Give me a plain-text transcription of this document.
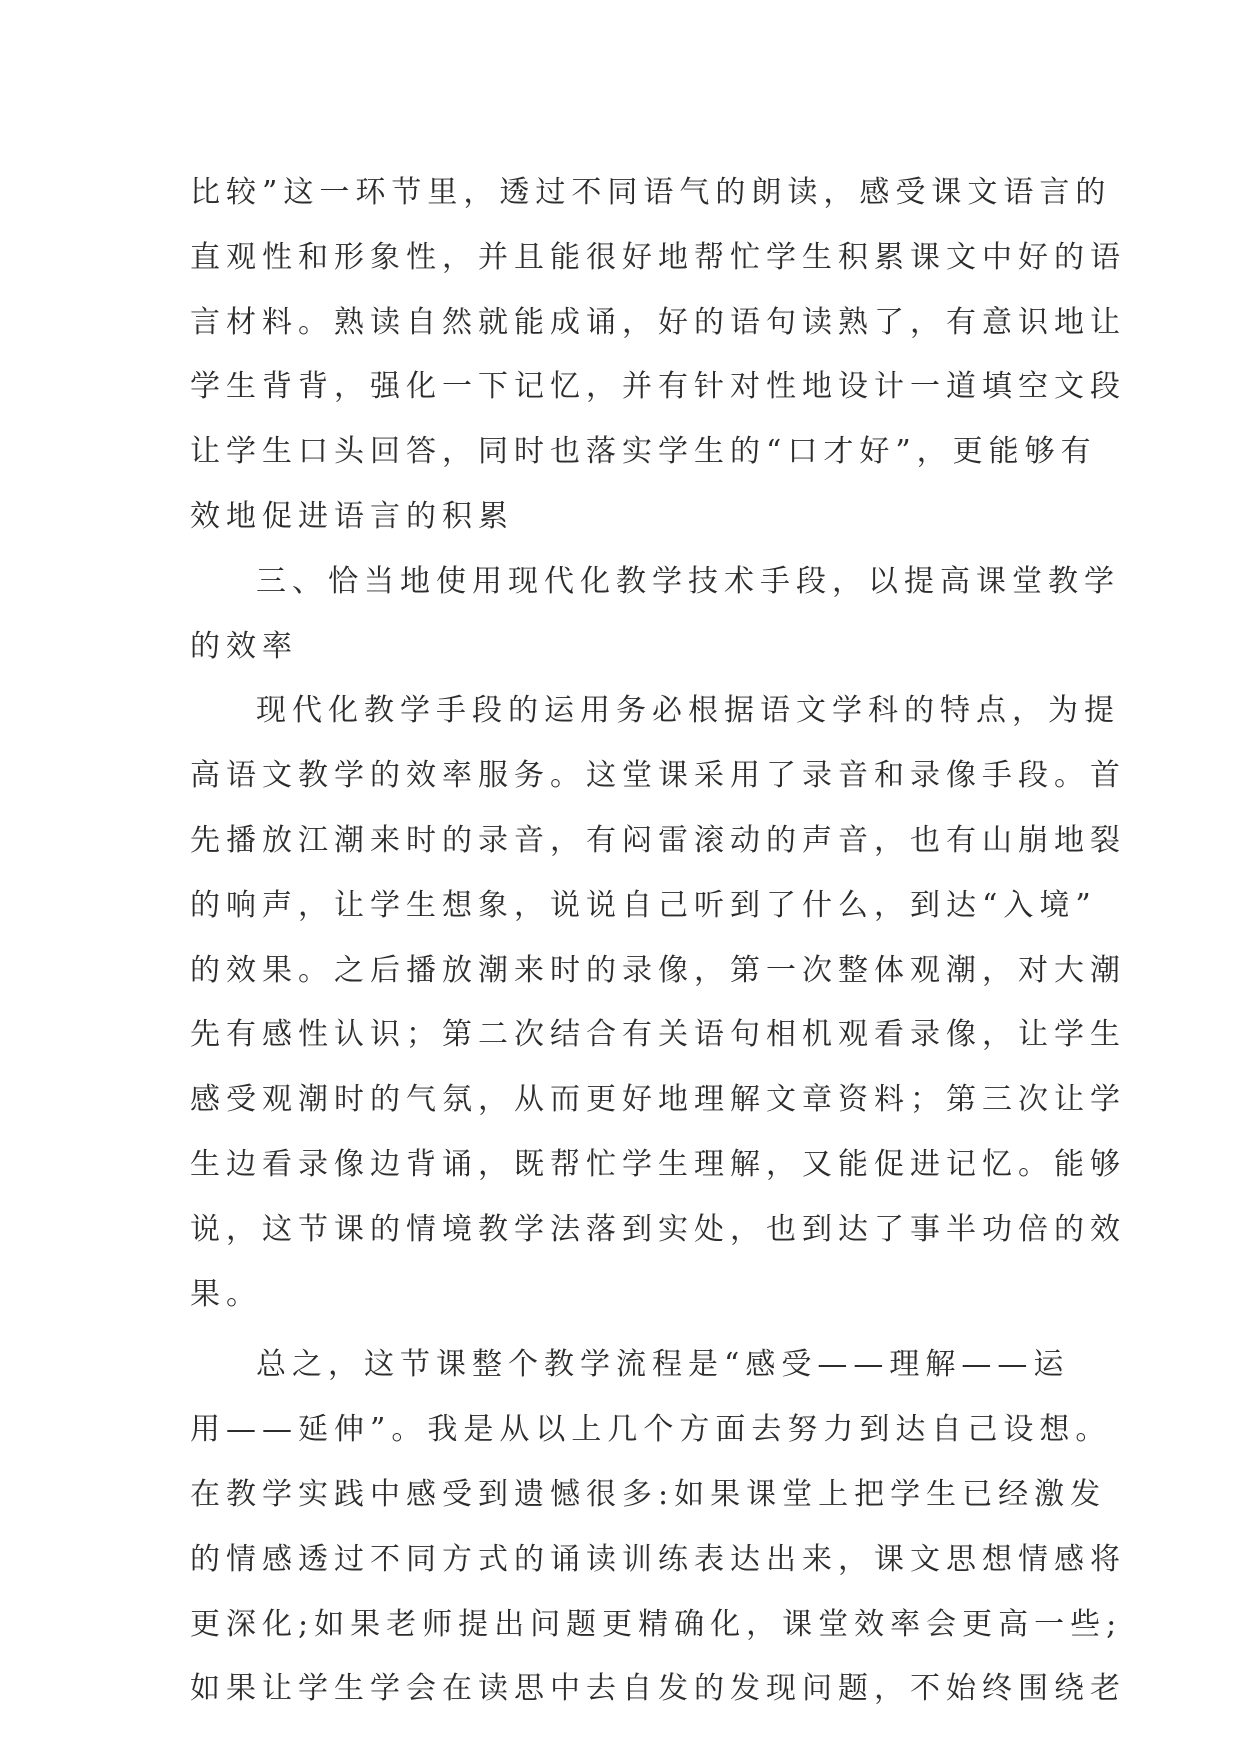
比较”这一环节里，透过不同语气的朗读，感受课文语言的
直观性和形象性，并且能很好地帮忙学生积累课文中好的语
言材料。熟读自然就能成诵，好的语句读熟了，有意识地让
学生背背，强化一下记忆，并有针对性地设计一道填空文段
让学生口头回答，同时也落实学生的“口才好”，更能够有
效地促进语言的积累
三、恰当地使用现代化教学技术手段，以提高课堂教学
的效率
现代化教学手段的运用务必根据语文学科的特点，为提
高语文教学的效率服务。这堂课采用了录音和录像手段。首
先播放江潮来时的录音，有闷雷滚动的声音，也有山崩地裂
的响声，让学生想象，说说自己听到了什么，到达“入境”
的效果。之后播放潮来时的录像，第一次整体观潮，对大潮
先有感性认识；第二次结合有关语句相机观看录像，让学生
感受观潮时的气氛，从而更好地理解文章资料；第三次让学
生边看录像边背诵，既帮忙学生理解，又能促进记忆。能够
说，这节课的情境教学法落到实处，也到达了事半功倍的效
果。
总之，这节课整个教学流程是“感受——理解——运
用——延伸”。我是从以上几个方面去努力到达自己设想。
在教学实践中感受到遗憾很多:如果课堂上把学生已经激发
的情感透过不同方式的诵读训练表达出来，课文思想情感将
更深化;如果老师提出问题更精确化，课堂效率会更高一些;
如果让学生学会在读思中去自发的发现问题，不始终围绕老
